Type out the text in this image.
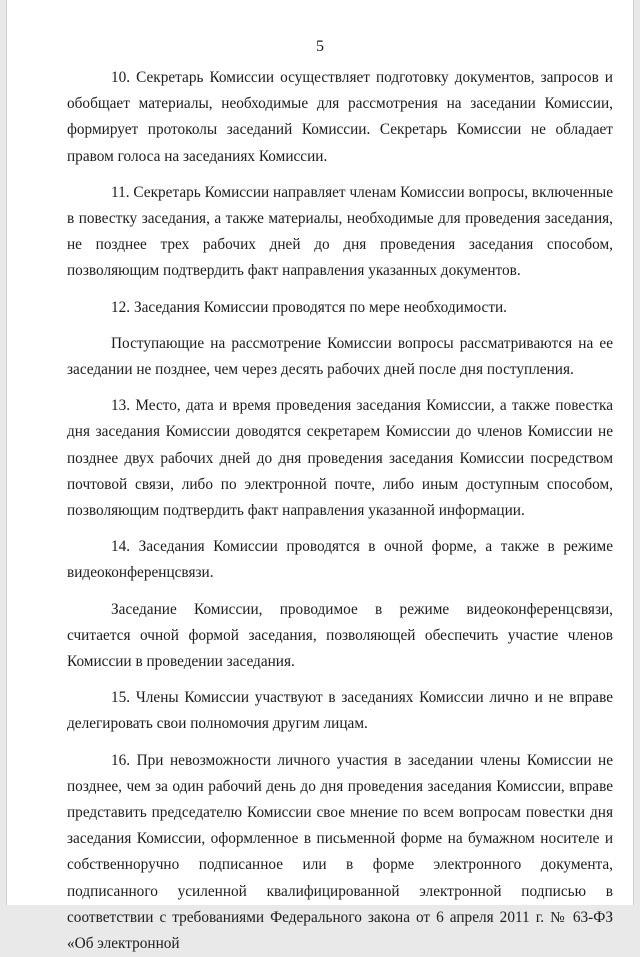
5

10. Секретарь Комиссии осуществляет подготовку документов, запросов и обобщает материалы, необходимые для рассмотрения на заседании Комиссии, формирует протоколы заседаний Комиссии. Секретарь Комиссии не обладает правом голоса на заседаниях Комиссии.

11. Секретарь Комиссии направляет членам Комиссии вопросы, включенные в повестку заседания, а также материалы, необходимые для проведения заседания, не позднее трех рабочих дней до дня проведения заседания способом, позволяющим подтвердить факт направления указанных документов.

12. Заседания Комиссии проводятся по мере необходимости.

Поступающие на рассмотрение Комиссии вопросы рассматриваются на ее заседании не позднее, чем через десять рабочих дней после дня поступления.

13. Место, дата и время проведения заседания Комиссии, а также повестка дня заседания Комиссии доводятся секретарем Комиссии до членов Комиссии не позднее двух рабочих дней до дня проведения заседания Комиссии посредством почтовой связи, либо по электронной почте, либо иным доступным способом, позволяющим подтвердить факт направления указанной информации.

14. Заседания Комиссии проводятся в очной форме, а также в режиме видеоконференцсвязи.

Заседание Комиссии, проводимое в режиме видеоконференцсвязи, считается очной формой заседания, позволяющей обеспечить участие членов Комиссии в проведении заседания.

15. Члены Комиссии участвуют в заседаниях Комиссии лично и не вправе делегировать свои полномочия другим лицам.

16. При невозможности личного участия в заседании члены Комиссии не позднее, чем за один рабочий день до дня проведения заседания Комиссии, вправе представить председателю Комиссии свое мнение по всем вопросам повестки дня заседания Комиссии, оформленное в письменной форме на бумажном носителе и собственноручно подписанное или в форме электронного документа, подписанного усиленной квалифицированной электронной подписью в соответствии с требованиями Федерального закона от 6 апреля 2011 г. № 63-ФЗ «Об электронной
